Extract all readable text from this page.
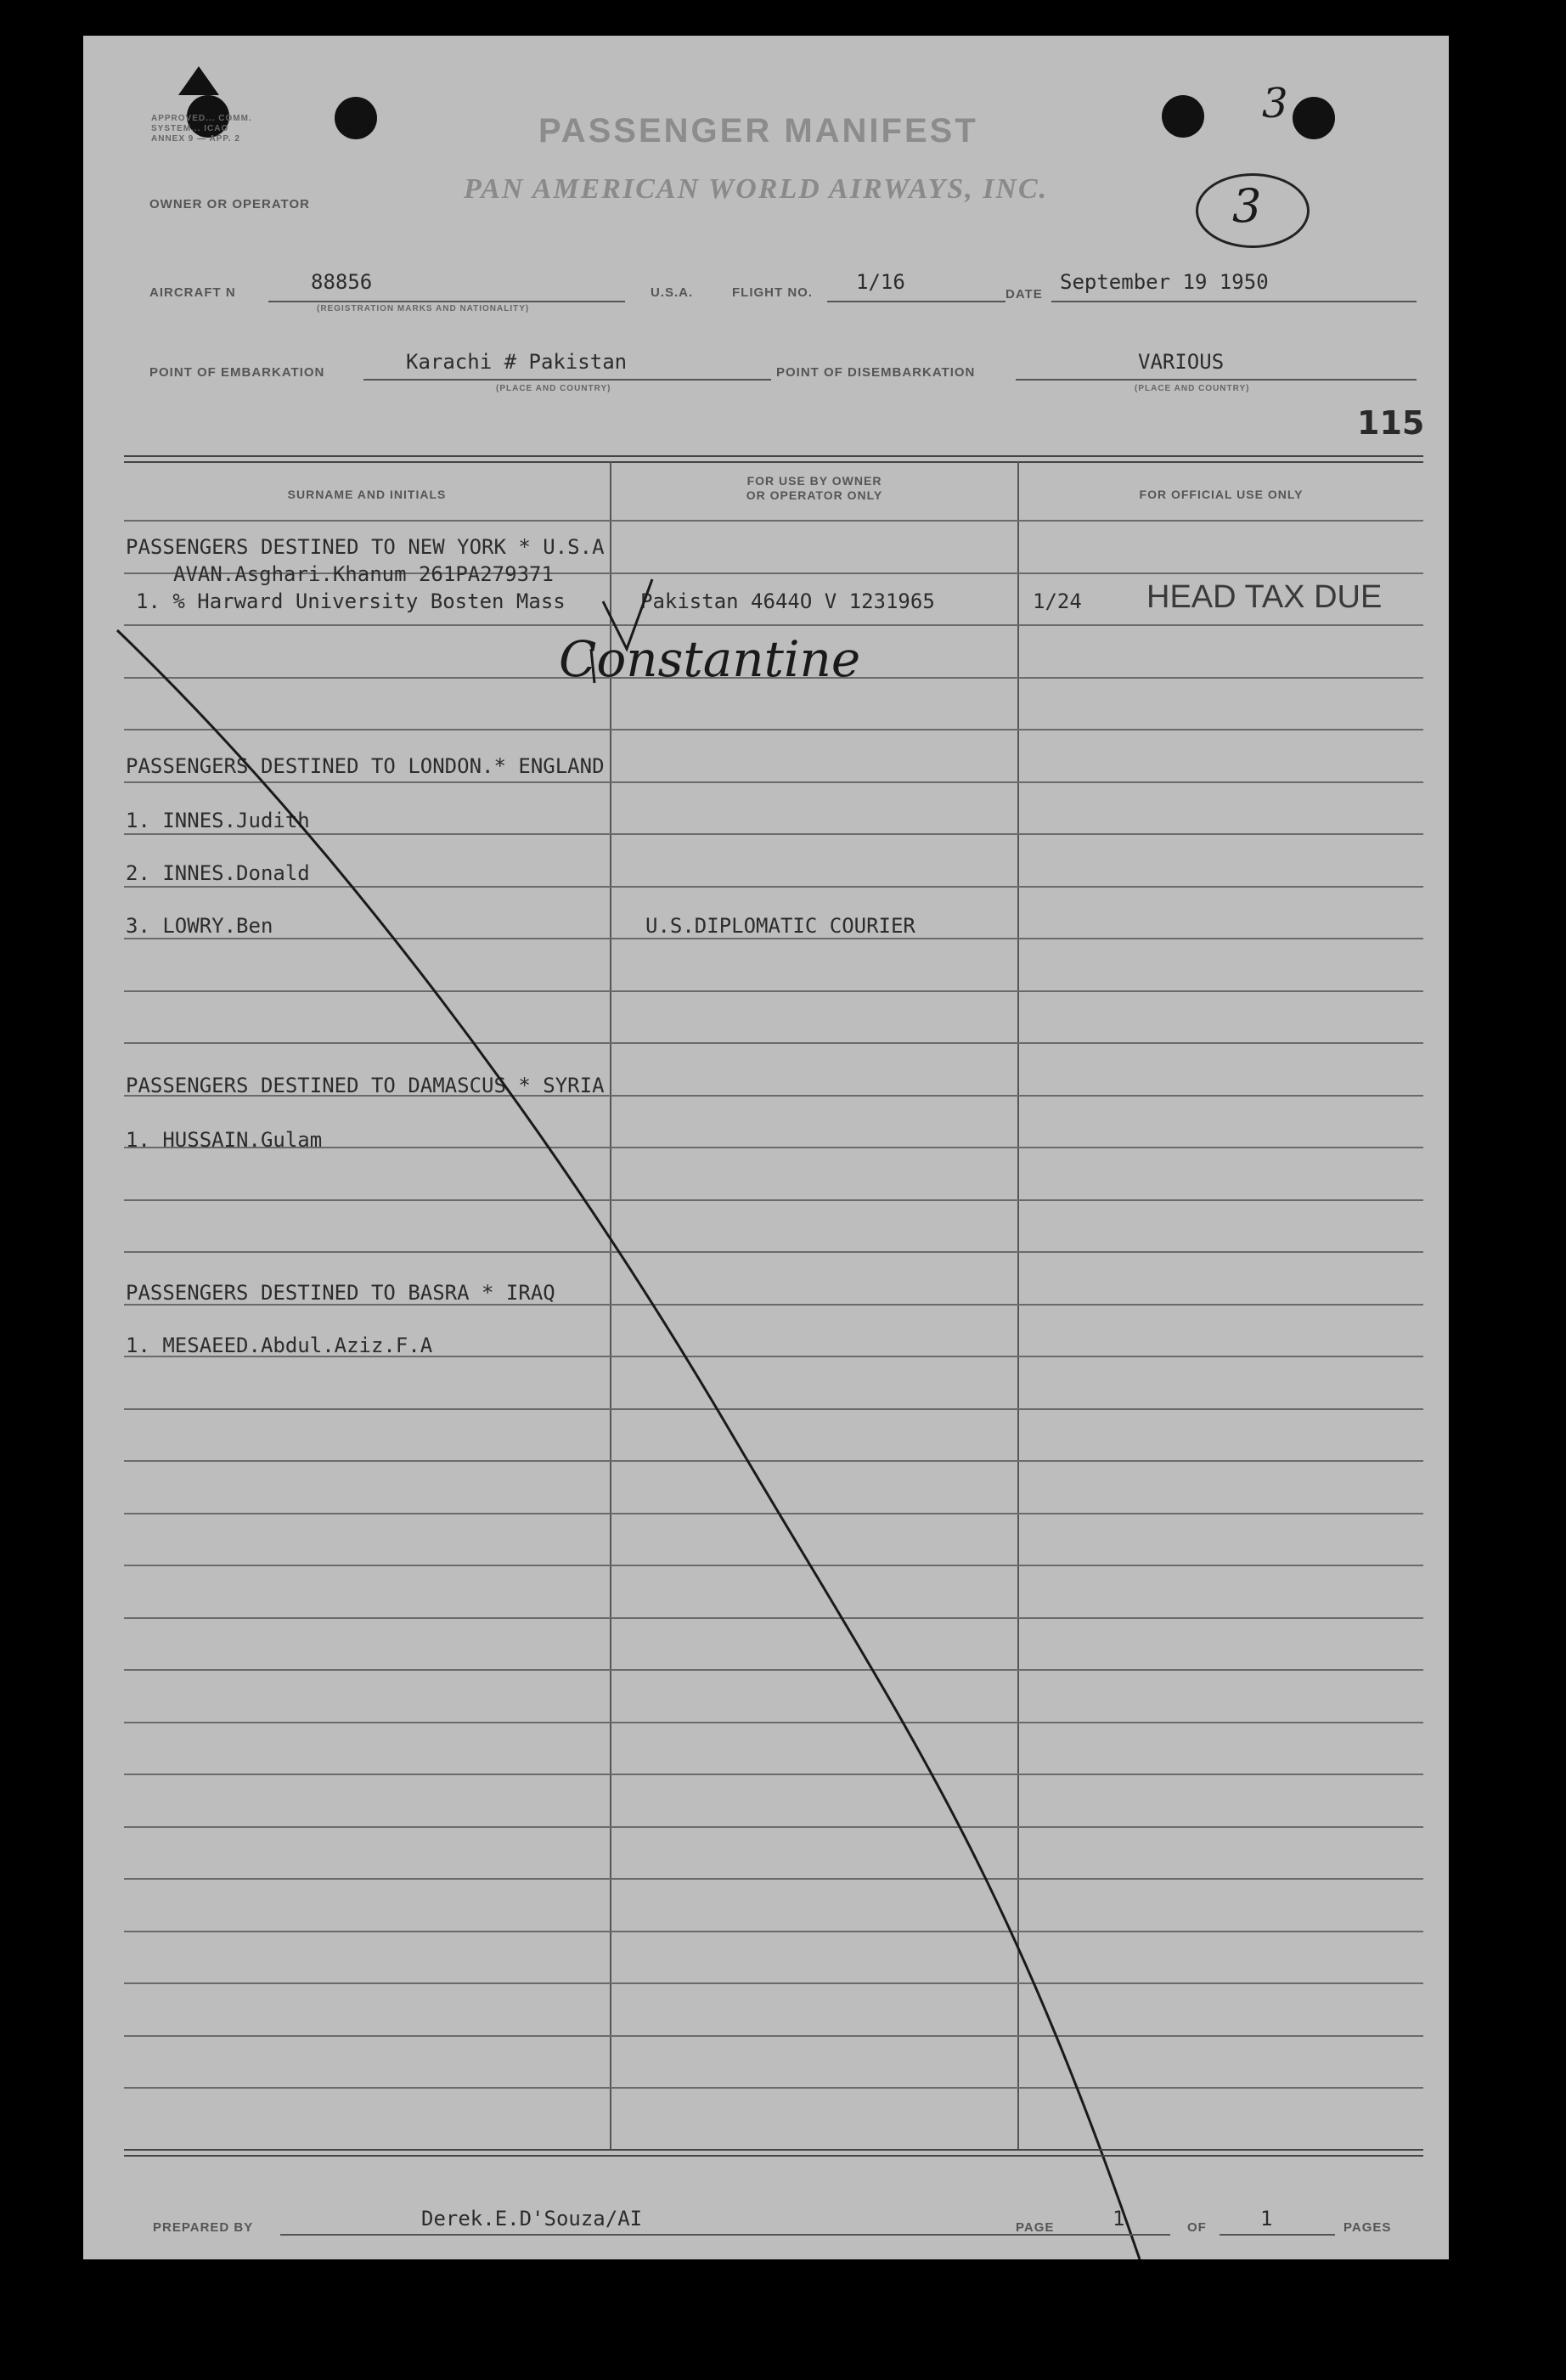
APPROVED... COMM. SYSTEM... ICAO ANNEX 9 — APP. 2	PASSENGER MANIFEST
3
OWNER OR OPERATOR	PAN AMERICAN WORLD AIRWAYS, INC.	3
AIRCRAFT N	88856
(REGISTRATION MARKS AND NATIONALITY)
U.S.A.	FLIGHT NO. 1/16
DATE
September 19 1950
POINT OF EMBARKATION	Karachi # Pakistan
(PLACE AND COUNTRY)
POINT OF DISEMBARKATION	VARIOUS
(PLACE AND COUNTRY)
115
SURNAME AND INITIALS
FOR USE BY OWNER
OR OPERATOR ONLY	FOR OFFICIAL USE ONLY
PASSENGERS DESTINED TO NEW YORK * U.S.A
AVAN.Asghari.Khanum 261PA279371
1. % Harward University Bosten Mass	Pakistan 4644O V 1231965	1/24 HEAD TAX DUE
Constantine
PASSENGERS DESTINED TO LONDON.* ENGLAND
1. INNES.Judith
2. INNES.Donald
3. LOWRY.Ben	U.S.DIPLOMATIC COURIER
PASSENGERS DESTINED TO DAMASCUS * SYRIA
1. HUSSAIN.Gulam
PASSENGERS DESTINED TO BASRA * IRAQ
1. MESAEED.Abdul.Aziz.F.A
PREPARED BY	Derek.E.D'Souza/AI	PAGE	1	OF	1	PAGES
